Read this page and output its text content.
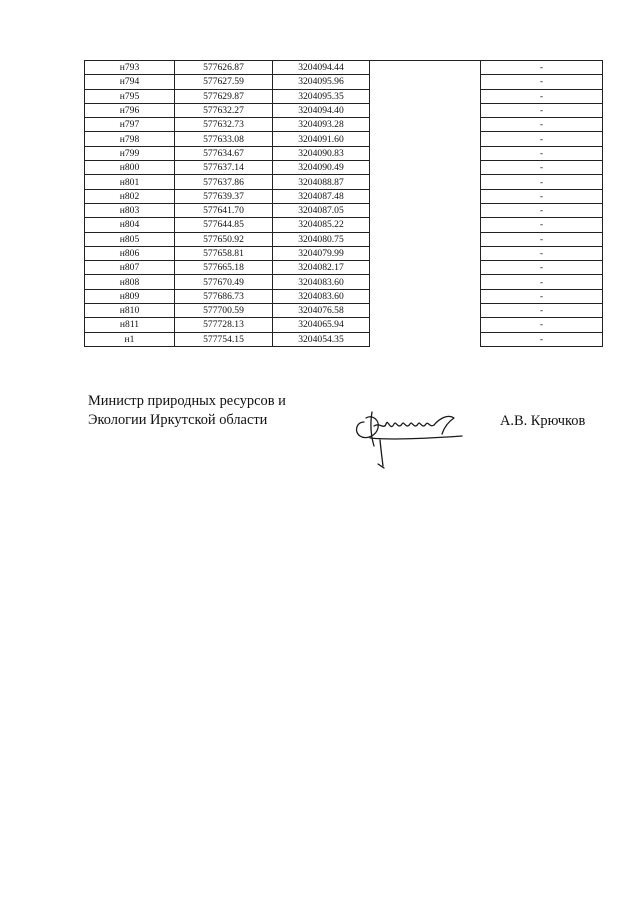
н793	577626.87	3204094.44		-
н794	577627.59	3204095.96		-
н795	577629.87	3204095.35		-
н796	577632.27	3204094.40		-
н797	577632.73	3204093.28		-
н798	577633.08	3204091.60		-
н799	577634.67	3204090.83		-
н800	577637.14	3204090.49		-
н801	577637.86	3204088.87		-
н802	577639.37	3204087.48		-
н803	577641.70	3204087.05		-
н804	577644.85	3204085.22		-
н805	577650.92	3204080.75		-
н806	577658.81	3204079.99		-
н807	577665.18	3204082.17		-
н808	577670.49	3204083.60		-
н809	577686.73	3204083.60		-
н810	577700.59	3204076.58		-
н811	577728.13	3204065.94		-
н1	577754.15	3204054.35		-
Министр природных ресурсов и
Экологии Иркутской области	А.В. Крючков
